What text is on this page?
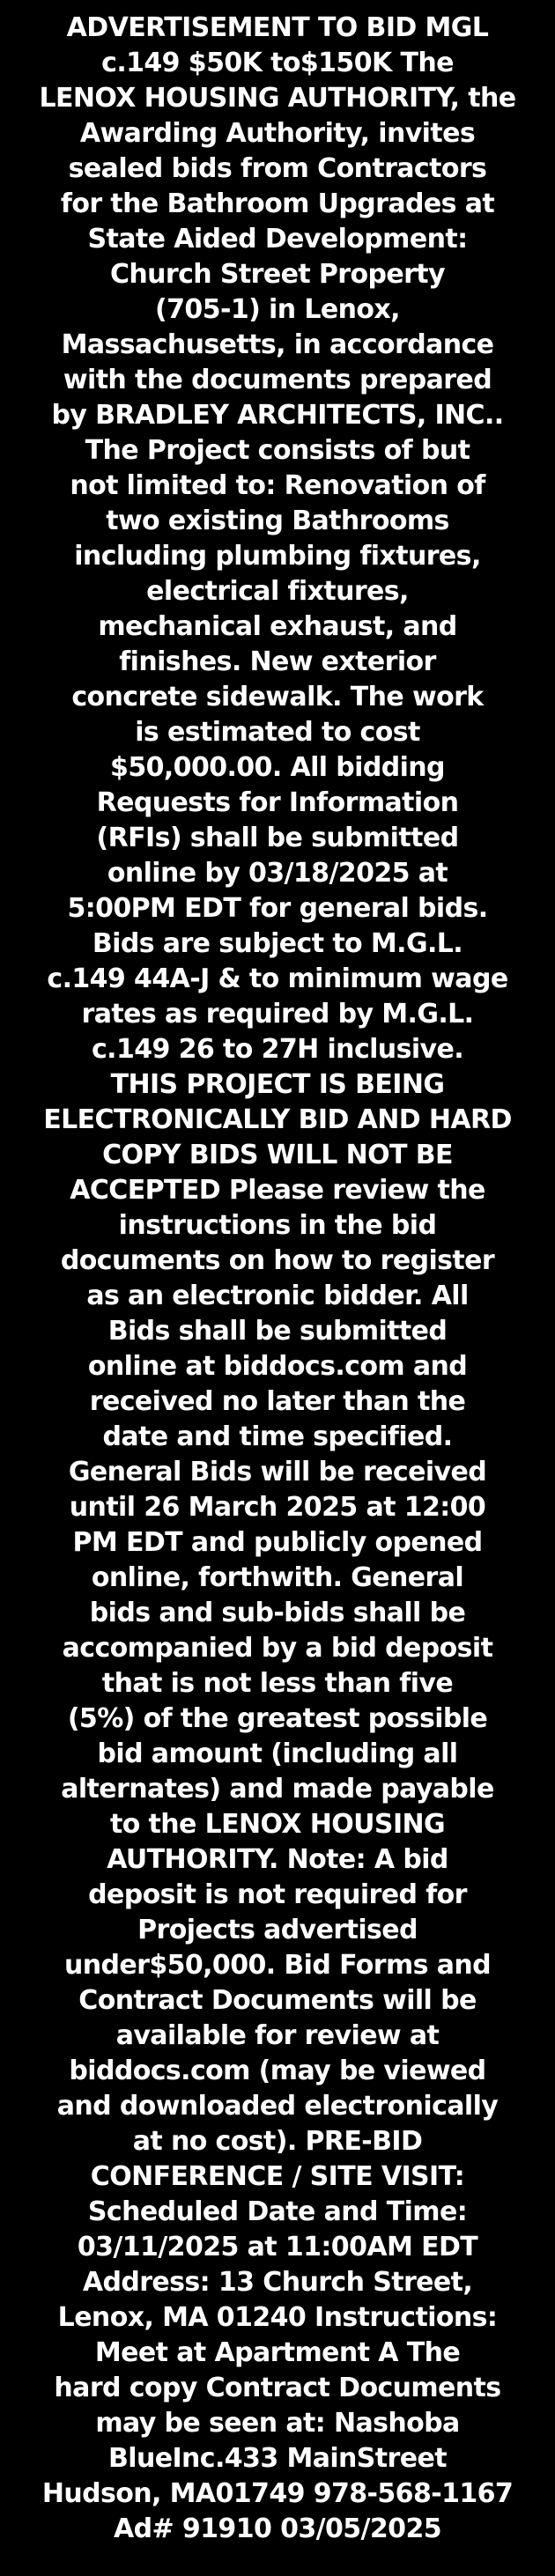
ADVERTISEMENT TO BID MGL
c.149 $50K to$150K The
LENOX HOUSING AUTHORITY, the
Awarding Authority, invites
sealed bids from Contractors
for the Bathroom Upgrades at
State Aided Development:
Church Street Property
(705-1) in Lenox,
Massachusetts, in accordance
with the documents prepared
by BRADLEY ARCHITECTS, INC..
The Project consists of but
not limited to: Renovation of
two existing Bathrooms
including plumbing fixtures,
electrical fixtures,
mechanical exhaust, and
finishes. New exterior
concrete sidewalk. The work
is estimated to cost
$50,000.00. All bidding
Requests for Information
(RFIs) shall be submitted
online by 03/18/2025 at
5:00PM EDT for general bids.
Bids are subject to M.G.L.
c.149 44A-J & to minimum wage
rates as required by M.G.L.
c.149 26 to 27H inclusive.
THIS PROJECT IS BEING
ELECTRONICALLY BID AND HARD
COPY BIDS WILL NOT BE
ACCEPTED Please review the
instructions in the bid
documents on how to register
as an electronic bidder. All
Bids shall be submitted
online at biddocs.com and
received no later than the
date and time specified.
General Bids will be received
until 26 March 2025 at 12:00
PM EDT and publicly opened
online, forthwith. General
bids and sub-bids shall be
accompanied by a bid deposit
that is not less than five
(5%) of the greatest possible
bid amount (including all
alternates) and made payable
to the LENOX HOUSING
AUTHORITY. Note: A bid
deposit is not required for
Projects advertised
under$50,000. Bid Forms and
Contract Documents will be
available for review at
biddocs.com (may be viewed
and downloaded electronically
at no cost). PRE-BID
CONFERENCE / SITE VISIT:
Scheduled Date and Time:
03/11/2025 at 11:00AM EDT
Address: 13 Church Street,
Lenox, MA 01240 Instructions:
Meet at Apartment A The
hard copy Contract Documents
may be seen at: Nashoba
BlueInc.433 MainStreet
Hudson, MA01749 978-568-1167
Ad# 91910 03/05/2025
